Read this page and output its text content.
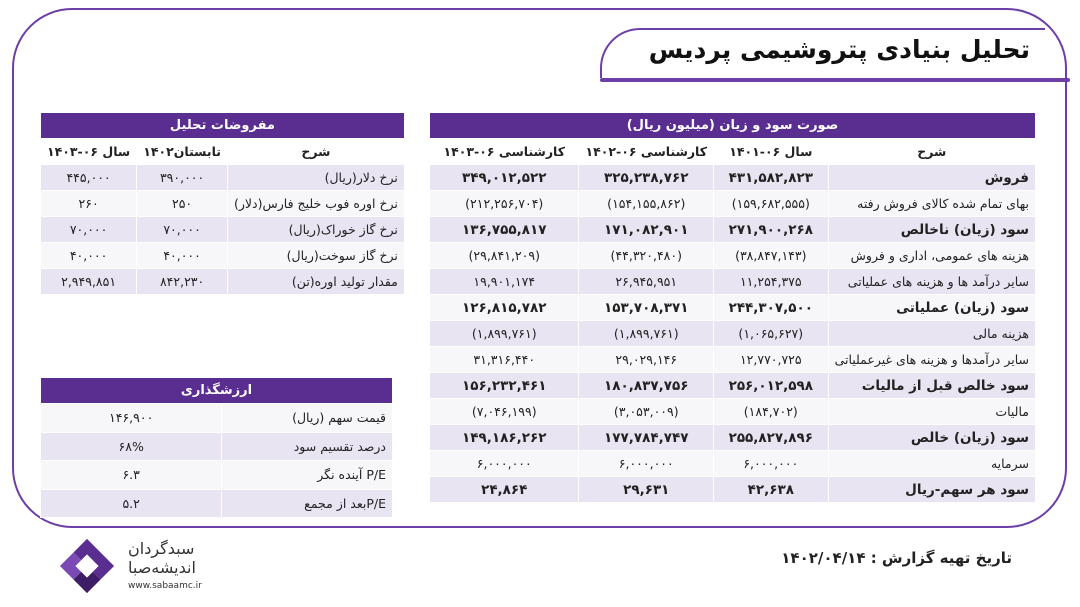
تحلیل بنیادی پتروشیمی پردیس
صورت سود و زیان (میلیون ریال)			
شرح	سال ۰۶-۱۴۰۱	کارشناسی ۰۶-۱۴۰۲	کارشناسی ۰۶-۱۴۰۳
فروش	۴۳۱,۵۸۲,۸۲۳	۳۲۵,۲۳۸,۷۶۲	۳۴۹,۰۱۲,۵۲۲
بهای تمام شده کالای فروش رفته	(۱۵۹,۶۸۲,۵۵۵)	(۱۵۴,۱۵۵,۸۶۲)	(۲۱۲,۲۵۶,۷۰۴)
سود (زیان) ناخالص	۲۷۱,۹۰۰,۲۶۸	۱۷۱,۰۸۲,۹۰۱	۱۳۶,۷۵۵,۸۱۷
هزینه های عمومی، اداری و فروش	(۳۸,۸۴۷,۱۴۳)	(۴۴,۳۲۰,۴۸۰)	(۲۹,۸۴۱,۲۰۹)
سایر درآمد ها و هزینه های عملیاتی	۱۱,۲۵۴,۳۷۵	۲۶,۹۴۵,۹۵۱	۱۹,۹۰۱,۱۷۴
سود (زیان) عملیاتی	۲۴۴,۳۰۷,۵۰۰	۱۵۳,۷۰۸,۳۷۱	۱۲۶,۸۱۵,۷۸۲
هزینه مالی	(۱,۰۶۵,۶۲۷)	(۱,۸۹۹,۷۶۱)	(۱,۸۹۹,۷۶۱)
سایر درآمدها و هزینه های غیرعملیاتی	۱۲,۷۷۰,۷۲۵	۲۹,۰۲۹,۱۴۶	۳۱,۳۱۶,۴۴۰
سود خالص قبل از مالیات	۲۵۶,۰۱۲,۵۹۸	۱۸۰,۸۳۷,۷۵۶	۱۵۶,۲۳۲,۴۶۱
مالیات	(۱۸۴,۷۰۲)	(۳,۰۵۳,۰۰۹)	(۷,۰۴۶,۱۹۹)
سود (زیان) خالص	۲۵۵,۸۲۷,۸۹۶	۱۷۷,۷۸۴,۷۴۷	۱۴۹,۱۸۶,۲۶۲
سرمایه	۶,۰۰۰,۰۰۰	۶,۰۰۰,۰۰۰	۶,۰۰۰,۰۰۰
سود هر سهم-ریال	۴۲,۶۳۸	۲۹,۶۳۱	۲۴,۸۶۴
مفروضات تحلیل		
شرح	تابستان۱۴۰۲	سال ۰۶-۱۴۰۳
نرخ دلار(ریال)	۳۹۰,۰۰۰	۴۴۵,۰۰۰
نرخ اوره فوب خلیج فارس(دلار)	۲۵۰	۲۶۰
نرخ گاز خوراک(ریال)	۷۰,۰۰۰	۷۰,۰۰۰
نرخ گاز سوخت(ریال)	۴۰,۰۰۰	۴۰,۰۰۰
مقدار تولید اوره(تن)	۸۴۲,۲۳۰	۲,۹۴۹,۸۵۱
ارزشگذاری	
قیمت سهم (ریال)	۱۴۶,۹۰۰
درصد تقسیم سود	۶۸%
P/E آینده نگر	۶.۳
P/Eبعد از مجمع	۵.۲
تاریخ تهیه گزارش : ۱۴۰۲/۰۴/۱۴
سبدگردان
اندیشه‌صبا
www.sabaamc.ir
